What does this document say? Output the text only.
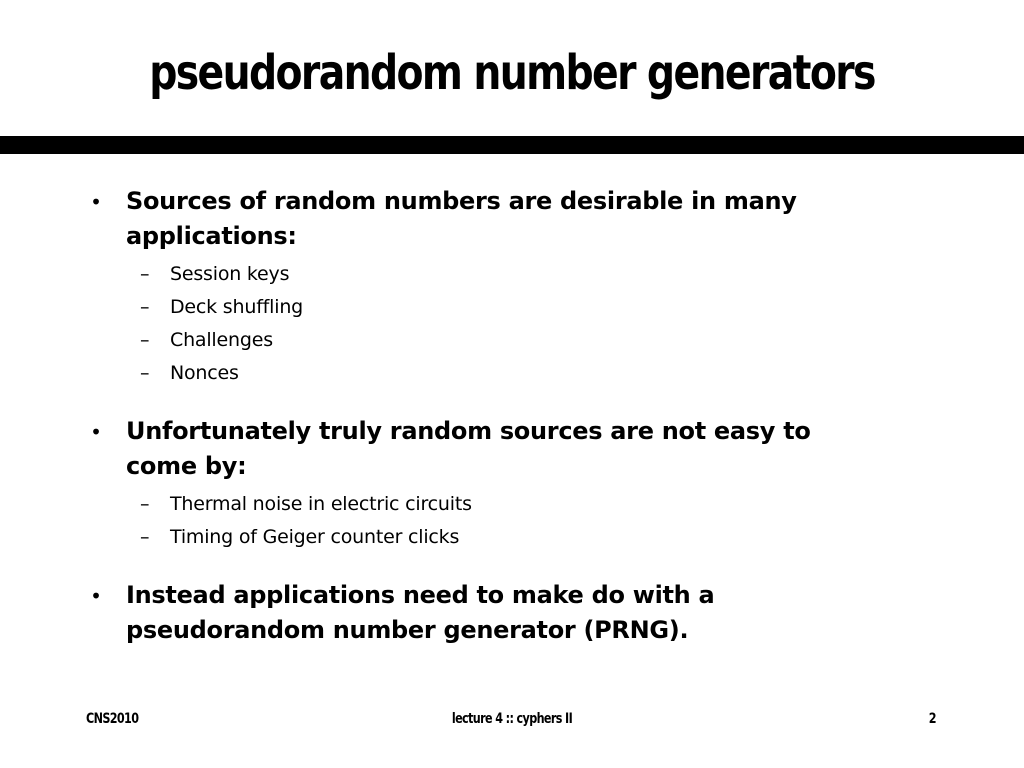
pseudorandom number generators
• Sources of random numbers are desirable in many applications:
– Session keys
– Deck shuffling
– Challenges
– Nonces
• Unfortunately truly random sources are not easy to come by:
– Thermal noise in electric circuits
– Timing of Geiger counter clicks
• Instead applications need to make do with a pseudorandom number generator (PRNG).
CNS2010	lecture 4 :: cyphers II	2
